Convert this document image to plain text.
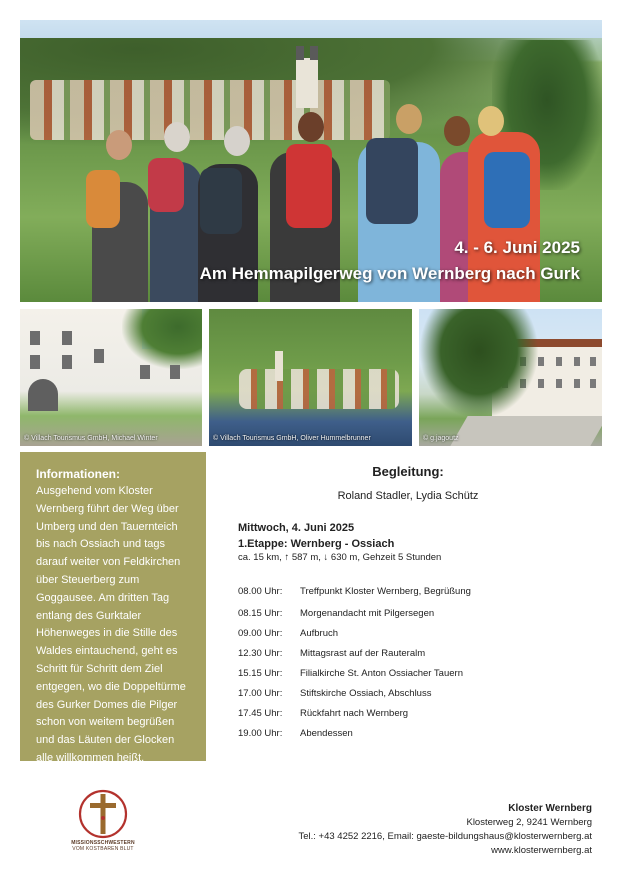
4. - 6. Juni 2025

Am Hemmapilgerweg von Wernberg nach Gurk

© Villach Tourismus GmbH, Michael Winter	© Villach Tourismus GmbH, Oliver Hummelbrunner	© g.jagoutz
Informationen:

Ausgehend vom Kloster Wernberg führt der Weg über Umberg und den Tauernteich bis nach Ossiach und tags darauf weiter von Feldkirchen über Steuerberg zum Goggausee. Am dritten Tag entlang des Gurktaler Höhenweges in die Stille des Waldes eintauchend, geht es Schritt für Schritt dem Ziel entgegen, wo die Doppeltürme des Gurker Domes die Pilger schon von weitem begrüßen und das Läuten der Glocken alle willkommen heißt.

Begleitung:
Roland Stadler, Lydia Schütz
Mittwoch, 4. Juni 2025
1.Etappe: Wernberg - Ossiach
ca. 15 km, ↑ 587 m, ↓ 630 m, Gehzeit 5 Stunden
08.00 Uhr: Treffpunkt Kloster Wernberg, Begrüßung
08.15 Uhr: Morgenandacht mit Pilgersegen
09.00 Uhr: Aufbruch
12.30 Uhr: Mittagsrast auf der Rauteralm
15.15 Uhr: Filialkirche St. Anton Ossiacher Tauern
17.00 Uhr: Stiftskirche Ossiach, Abschluss
17.45 Uhr: Rückfahrt nach Wernberg
19.00 Uhr: Abendessen
MISSIONSSCHWESTERN
VOM KOSTBAREN BLUT
Kloster Wernberg
Klosterweg 2, 9241 Wernberg
Tel.: +43 4252 2216, Email: gaeste-bildungshaus@klosterwernberg.at
www.klosterwernberg.at
